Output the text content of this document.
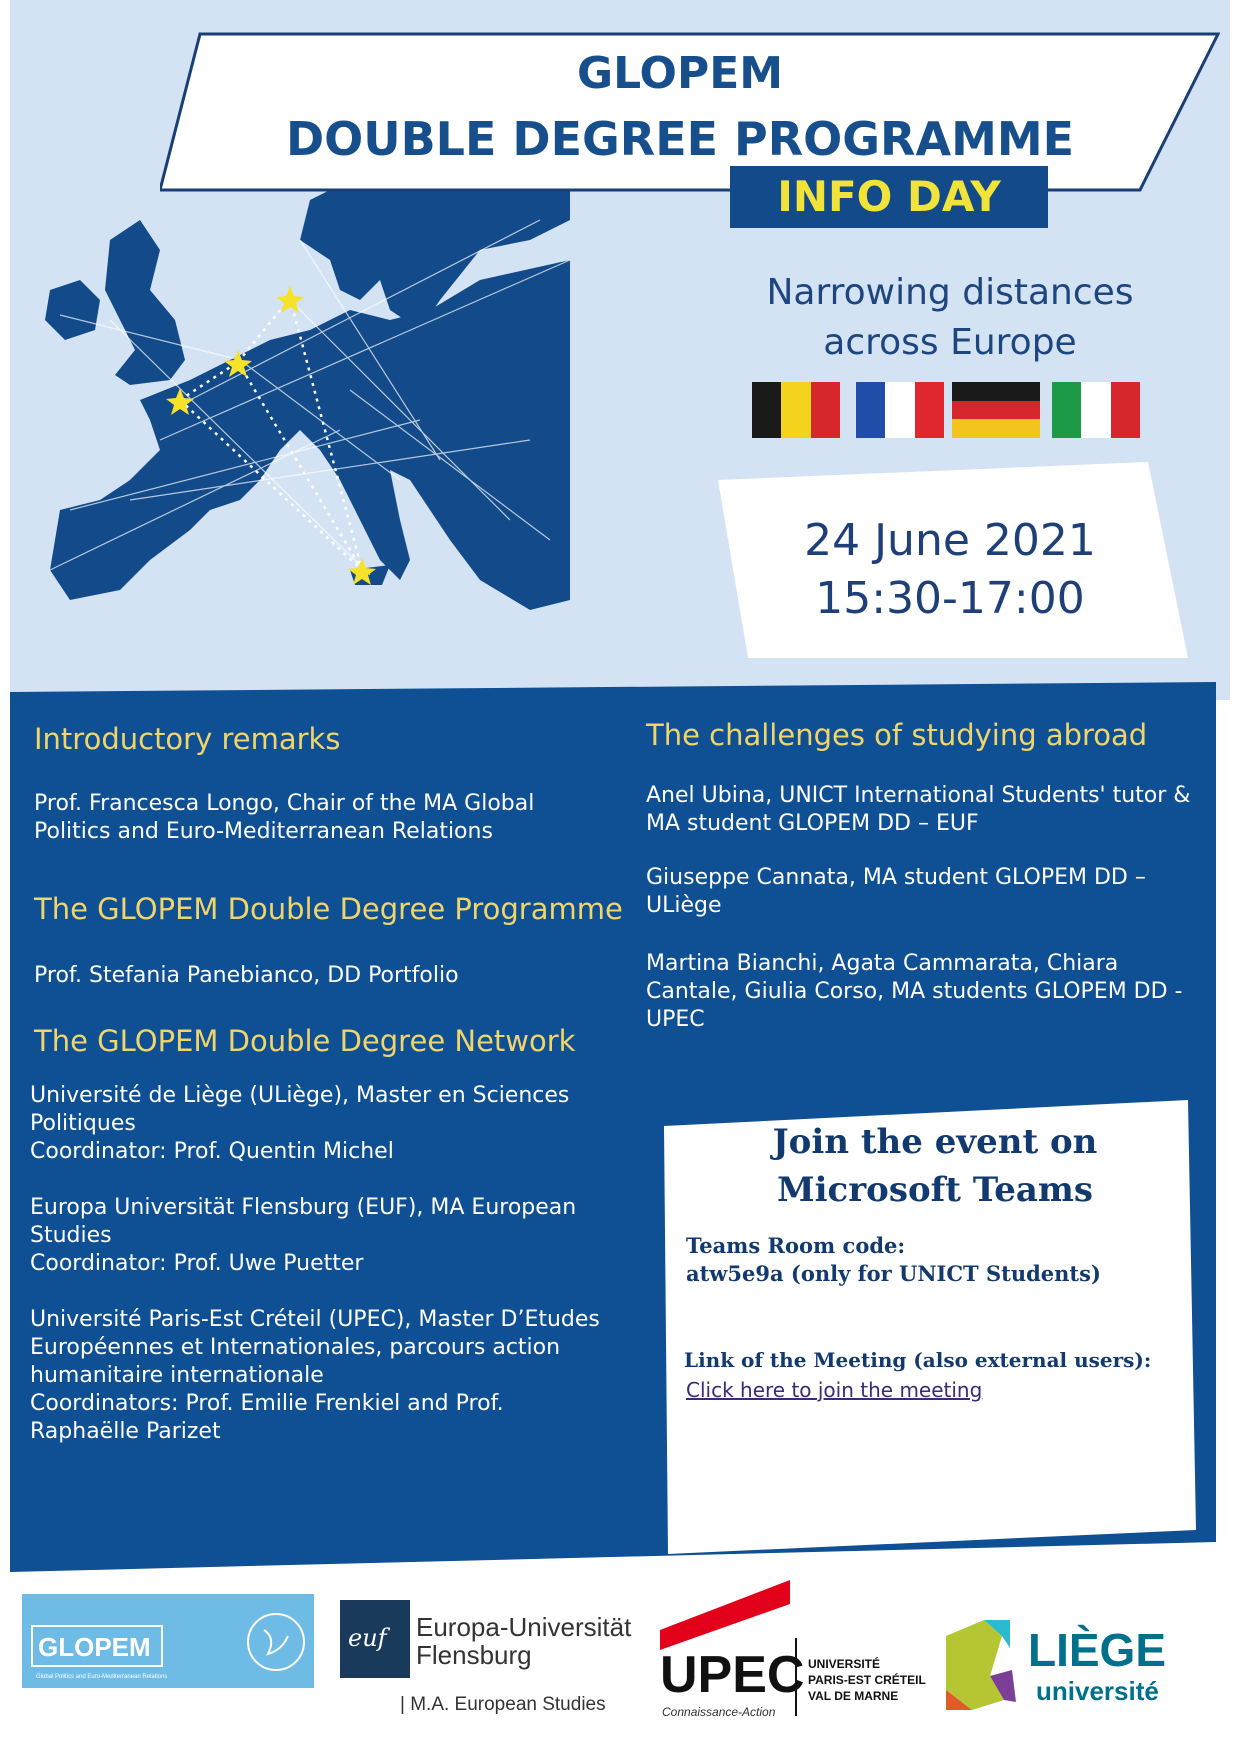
GLOPEM
DOUBLE DEGREE PROGRAMME
INFO DAY
Narrowing distances
across Europe
24 June 2021
15:30-17:00
Introductory remarks
Prof. Francesca Longo, Chair of the MA Global
Politics and Euro-Mediterranean Relations
The GLOPEM Double Degree Programme
Prof. Stefania Panebianco, DD Portfolio
The GLOPEM Double Degree Network
Université de Liège (ULiège), Master en Sciences
Politiques
Coordinator: Prof. Quentin Michel
Europa Universität Flensburg (EUF), MA European
Studies
Coordinator: Prof. Uwe Puetter
Université Paris-Est Créteil (UPEC), Master D’Etudes
Européennes et Internationales, parcours action
humanitaire internationale
Coordinators: Prof. Emilie Frenkiel and Prof.
Raphaëlle Parizet
The challenges of studying abroad
Anel Ubina, UNICT International Students' tutor &
MA student GLOPEM DD – EUF
Giuseppe Cannata, MA student GLOPEM DD –
ULiège
Martina Bianchi, Agata Cammarata, Chiara
Cantale, Giulia Corso, MA students GLOPEM DD -
UPEC
Join the event on
Microsoft Teams
Teams Room code:
atw5e9a (only for UNICT Students)
Link of the Meeting (also external users):
Click here to join the meeting
GLOPEM
Global Politics and Euro-Mediterranean Relations
euf Europa-Universität
Flensburg
| M.A. European Studies
UPEC
Connaissance-Action
UNIVERSITÉ
PARIS-EST CRÉTEIL
VAL DE MARNE
LIÈGE
université
